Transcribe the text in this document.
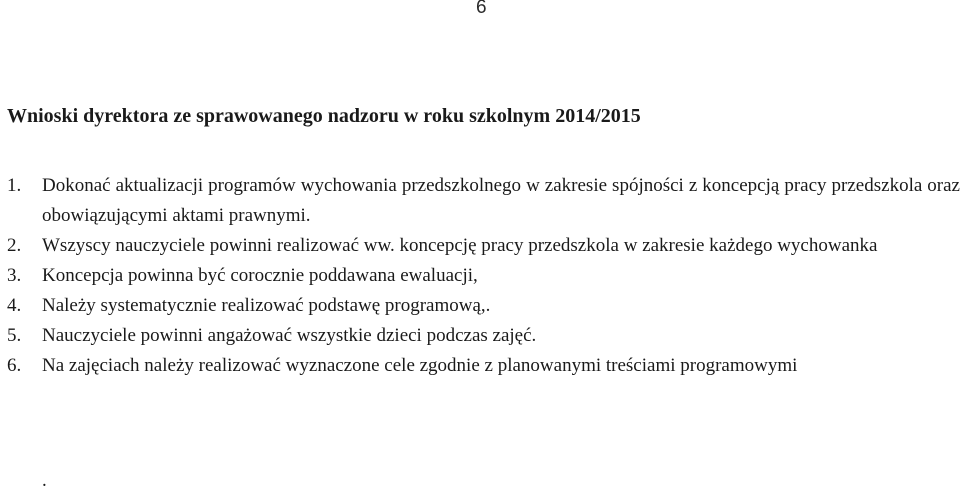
6
Wnioski dyrektora ze sprawowanego nadzoru w roku szkolnym 2014/2015
1. Dokonać aktualizacji programów wychowania przedszkolnego w zakresie spójności z koncepcją pracy przedszkola oraz obowiązującymi aktami prawnymi.
2. Wszyscy nauczyciele powinni realizować ww. koncepcję pracy przedszkola w zakresie każdego wychowanka
3. Koncepcja powinna być corocznie poddawana ewaluacji,
4. Należy systematycznie realizować podstawę programową,.
5. Nauczyciele powinni angażować wszystkie dzieci podczas zajęć.
6. Na zajęciach należy realizować wyznaczone cele zgodnie z planowanymi treściami programowymi
.
